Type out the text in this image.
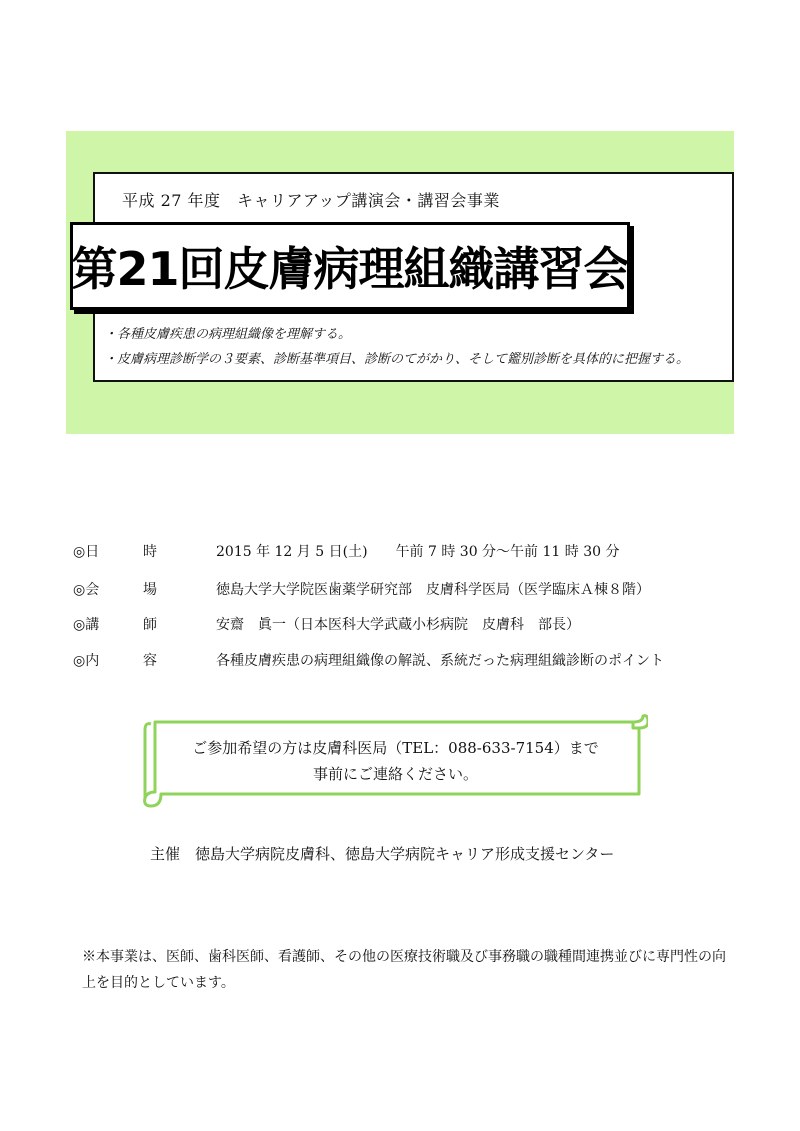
平成 27 年度　キャリアアップ講演会・講習会事業
第21回皮膚病理組織講習会
・各種皮膚疾患の病理組織像を理解する。
・皮膚病理診断学の３要素、診断基準項目、診断のてがかり、そして鑑別診断を具体的に把握する。
◎日	時	2015 年 12 月 5 日(土)　　午前 7 時 30 分～午前 11 時 30 分
◎会	場	徳島大学大学院医歯薬学研究部　皮膚科学医局（医学臨床Ａ棟８階）
◎講	師	安齋　眞一（日本医科大学武蔵小杉病院　皮膚科　部長）
◎内	容	各種皮膚疾患の病理組織像の解説、系統だった病理組織診断のポイント
ご参加希望の方は皮膚科医局（TEL：088-633-7154）まで
事前にご連絡ください。
主催　徳島大学病院皮膚科、徳島大学病院キャリア形成支援センター
※本事業は、医師、歯科医師、看護師、その他の医療技術職及び事務職の職種間連携並びに専門性の向上を目的としています。
